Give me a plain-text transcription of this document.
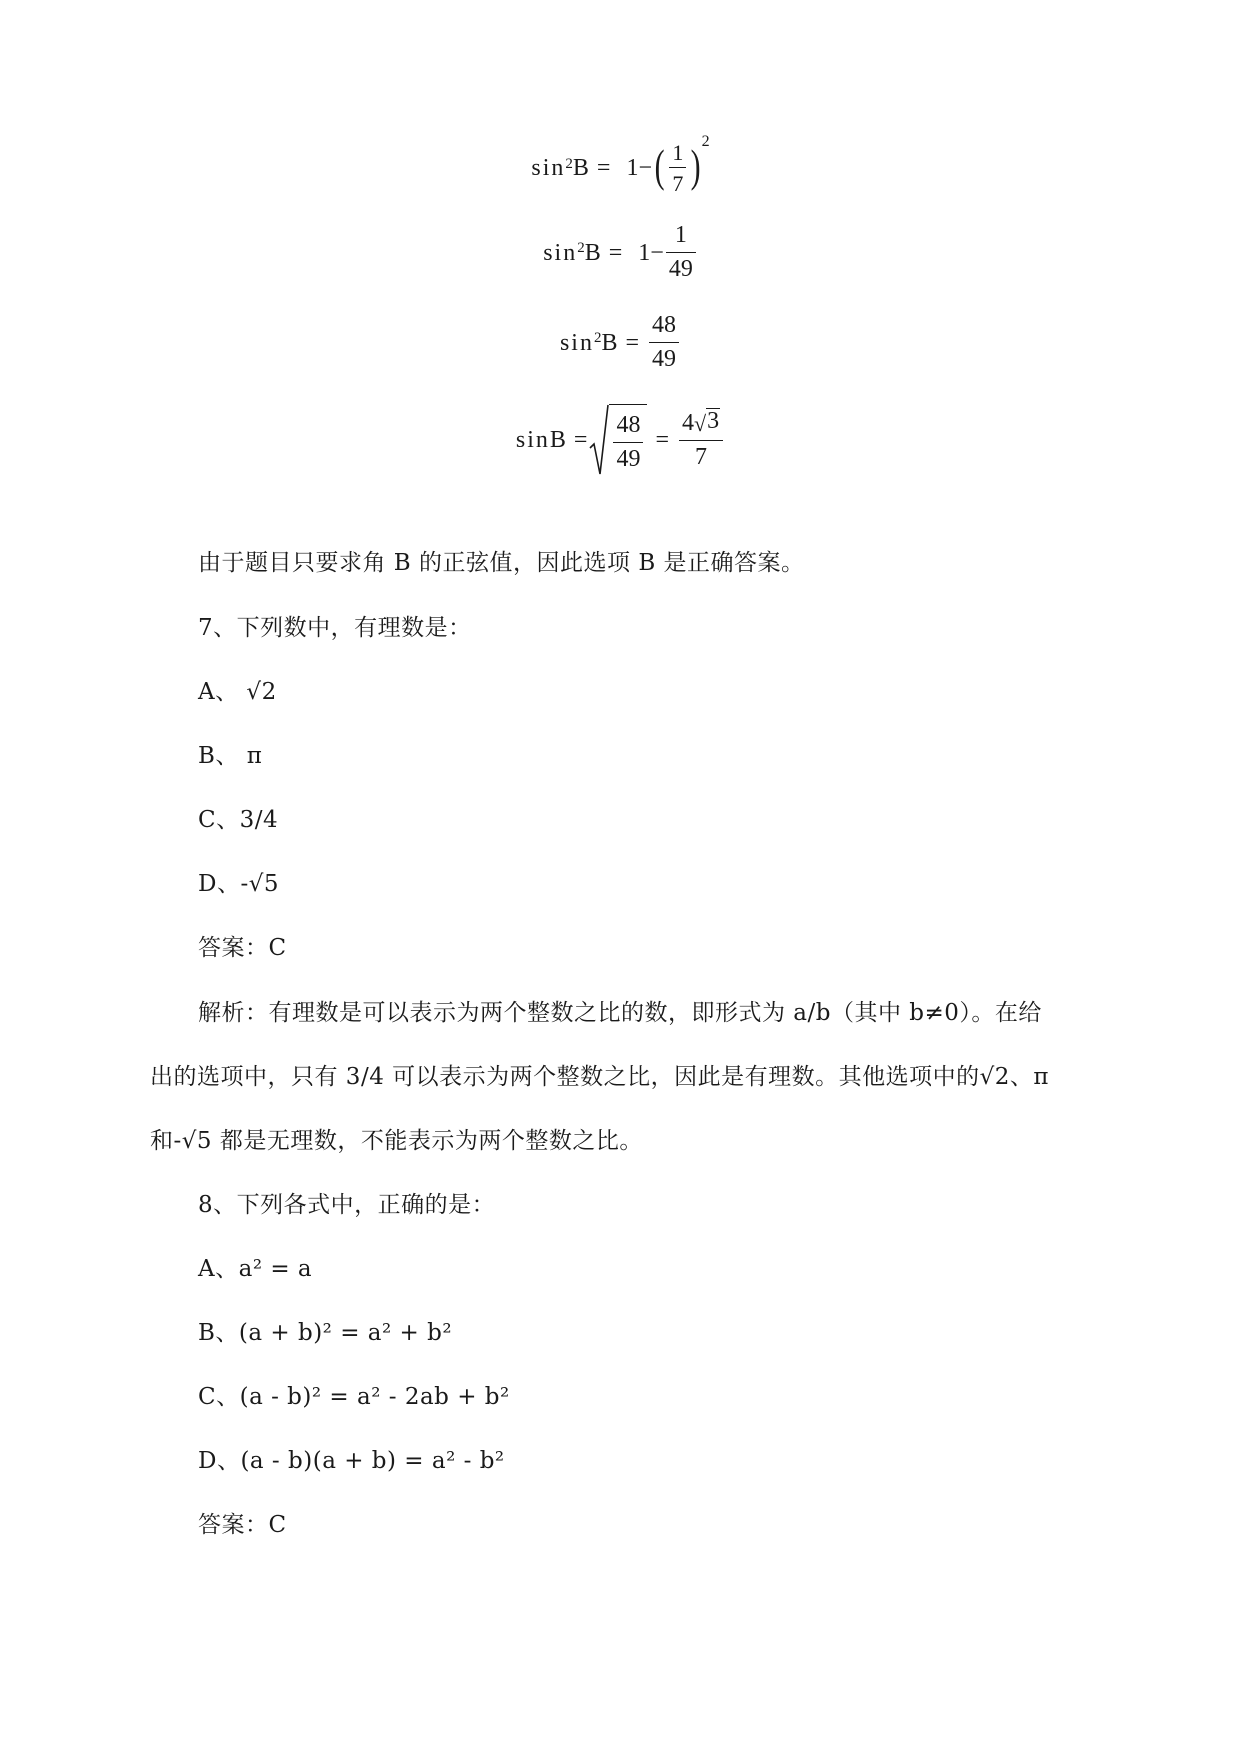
$\sin^2 B = 1$ − ( $\frac{1}{7}$ ) 2
$\sin^2 B = 1 - \frac{1}{49}$
$\sin^2 B = \frac{48}{49}$
$\sin B = \frac{48}{49} = \frac{4 √ 3}{7}$
由于题目只要求角 B 的正弦值，因此选项 B 是正确答案。
7、下列数中，有理数是：
A、 √2
B、 π
C、3/4
D、-√5
答案：C
解析：有理数是可以表示为两个整数之比的数，即形式为 a/b（其中 b≠0）。在给
出的选项中，只有 3/4 可以表示为两个整数之比，因此是有理数。其他选项中的√2、π
和-√5 都是无理数，不能表示为两个整数之比。
8、下列各式中，正确的是：
A、a² = a
B、(a + b)² = a² + b²
C、(a - b)² = a² - 2ab + b²
D、(a - b)(a + b) = a² - b²
答案：C
